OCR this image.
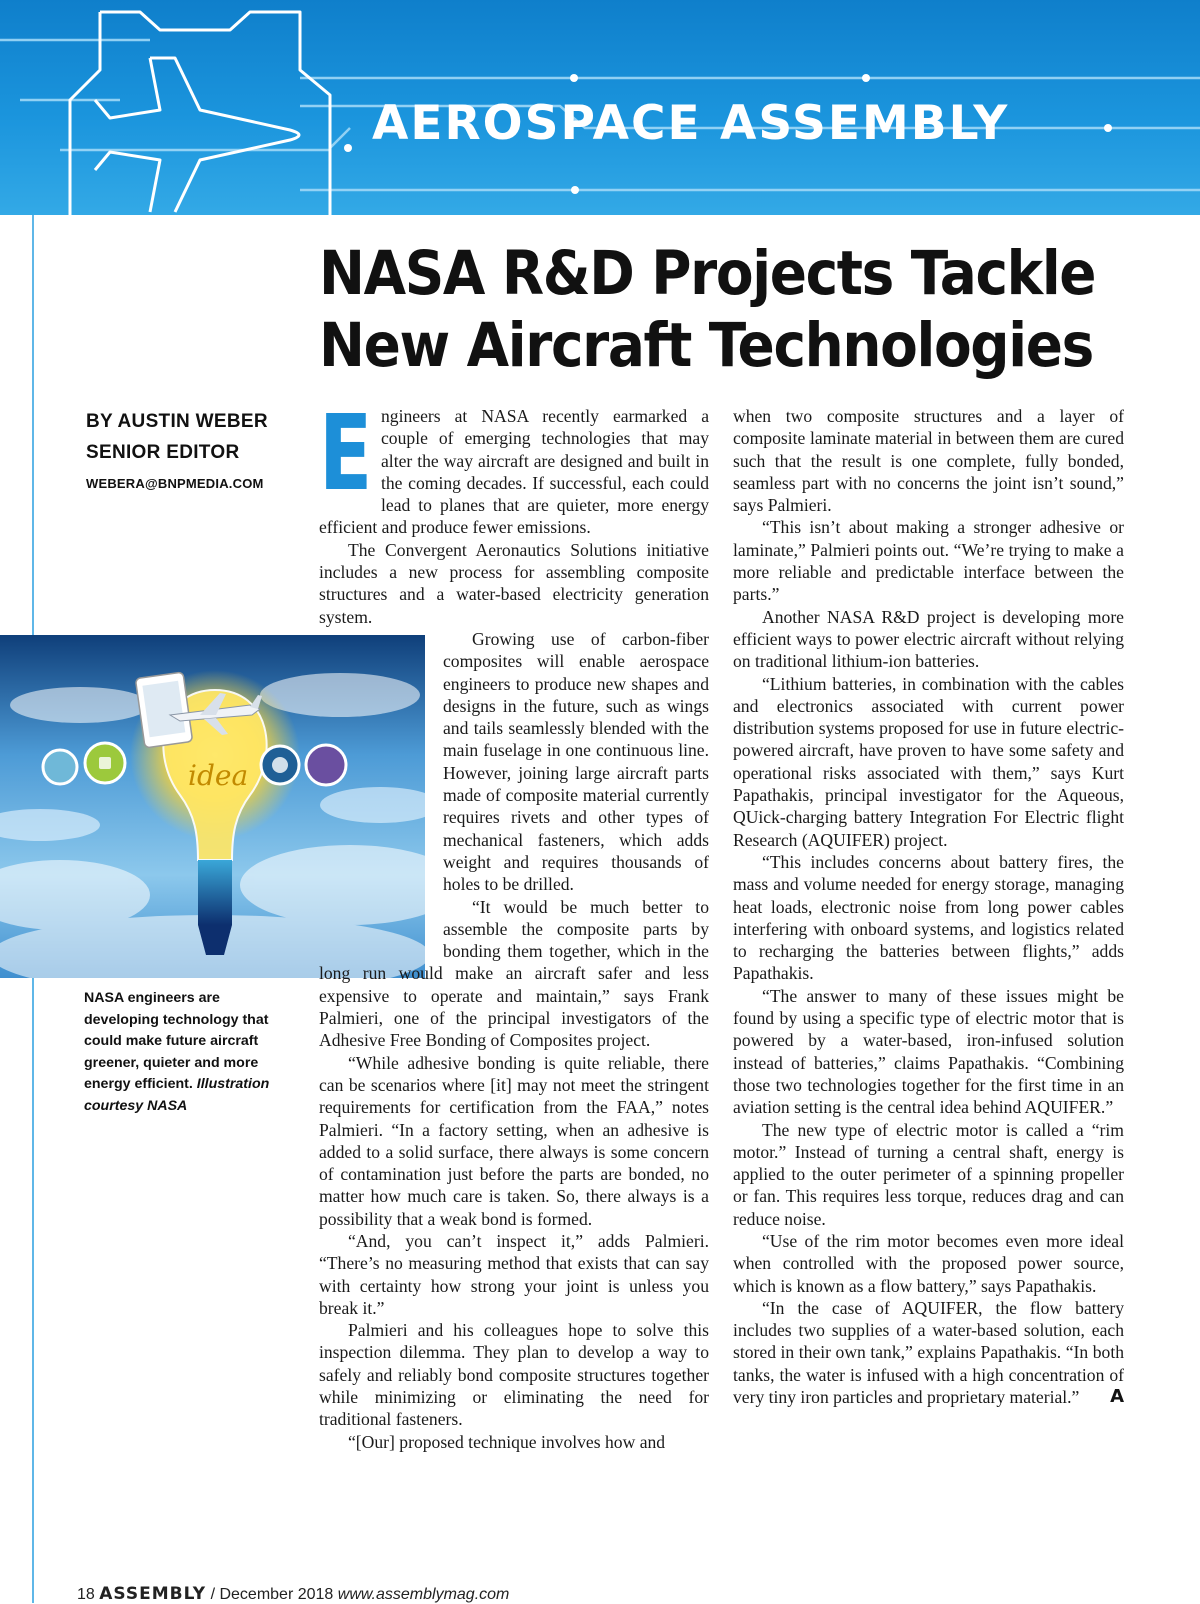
AEROSPACE ASSEMBLY
NASA R&D Projects Tackle
New Aircraft Technologies
BY AUSTIN WEBER
SENIOR EDITOR
WEBERA@BNPMEDIA.COM
idea
NASA engineers are developing technology that could make future aircraft greener, quieter and more energy efficient. Illustration courtesy NASA
E ngineers at NASA recently earmarked a couple of emerging technologies that may alter the way aircraft are designed and built in the coming decades. If successful, each could lead to planes that are quieter, more energy efficient and produce fewer emissions.

The Convergent Aeronautics Solutions initiative includes a new process for assembling composite structures and a water-based electricity generation system.

Growing use of carbon-fiber composites will enable aerospace engineers to produce new shapes and designs in the future, such as wings and tails seamlessly blended with the main fuselage in one continuous line. However, joining large aircraft parts made of composite material currently requires rivets and other types of mechanical fasteners, which adds weight and requires thousands of holes to be drilled.

“It would be much better to assemble the composite parts by bonding them together, which in the long run would make an aircraft safer and less expensive to operate and maintain,” says Frank Palmieri, one of the principal investigators of the Adhesive Free Bonding of Composites project.

“While adhesive bonding is quite reliable, there can be scenarios where [it] may not meet the stringent requirements for certification from the FAA,” notes Palmieri. “In a factory setting, when an adhesive is added to a solid surface, there always is some concern of contamination just before the parts are bonded, no matter how much care is taken. So, there always is a possibility that a weak bond is formed.

“And, you can’t inspect it,” adds Palmieri. “There’s no measuring method that exists that can say with certainty how strong your joint is unless you break it.”

Palmieri and his colleagues hope to solve this inspection dilemma. They plan to develop a way to safely and reliably bond composite structures together while minimizing or eliminating the need for traditional fasteners.

“[Our] proposed technique involves how and

when two composite structures and a layer of composite laminate material in between them are cured such that the result is one complete, fully bonded, seamless part with no concerns the joint isn’t sound,” says Palmieri.

“This isn’t about making a stronger adhesive or laminate,” Palmieri points out. “We’re trying to make a more reliable and predictable interface between the parts.”

Another NASA R&D project is developing more efficient ways to power electric aircraft without relying on traditional lithium-ion batteries.

“Lithium batteries, in combination with the cables and electronics associated with current power distribution systems proposed for use in future electric-powered aircraft, have proven to have some safety and operational risks associated with them,” says Kurt Papathakis, principal investigator for the Aqueous, QUick-charging battery Integration For Electric flight Research (AQUIFER) project.

“This includes concerns about battery fires, the mass and volume needed for energy storage, managing heat loads, electronic noise from long power cables interfering with onboard systems, and logistics related to recharging the batteries between flights,” adds Papathakis.

“The answer to many of these issues might be found by using a specific type of electric motor that is powered by a water-based, iron-infused solution instead of batteries,” claims Papathakis. “Combining those two technologies together for the first time in an aviation setting is the central idea behind AQUIFER.”

The new type of electric motor is called a “rim motor.” Instead of turning a central shaft, energy is applied to the outer perimeter of a spinning propeller or fan. This requires less torque, reduces drag and can reduce noise.

“Use of the rim motor becomes even more ideal when controlled with the proposed power source, which is known as a flow battery,” says Papathakis.

“In the case of AQUIFER, the flow battery includes two supplies of a water-based solution, each stored in their own tank,” explains Papathakis. “In both tanks, the water is infused with a high concentration of very tiny iron particles and proprietary material.”	A

18 ASSEMBLY / December 2018 www.assemblymag.com
